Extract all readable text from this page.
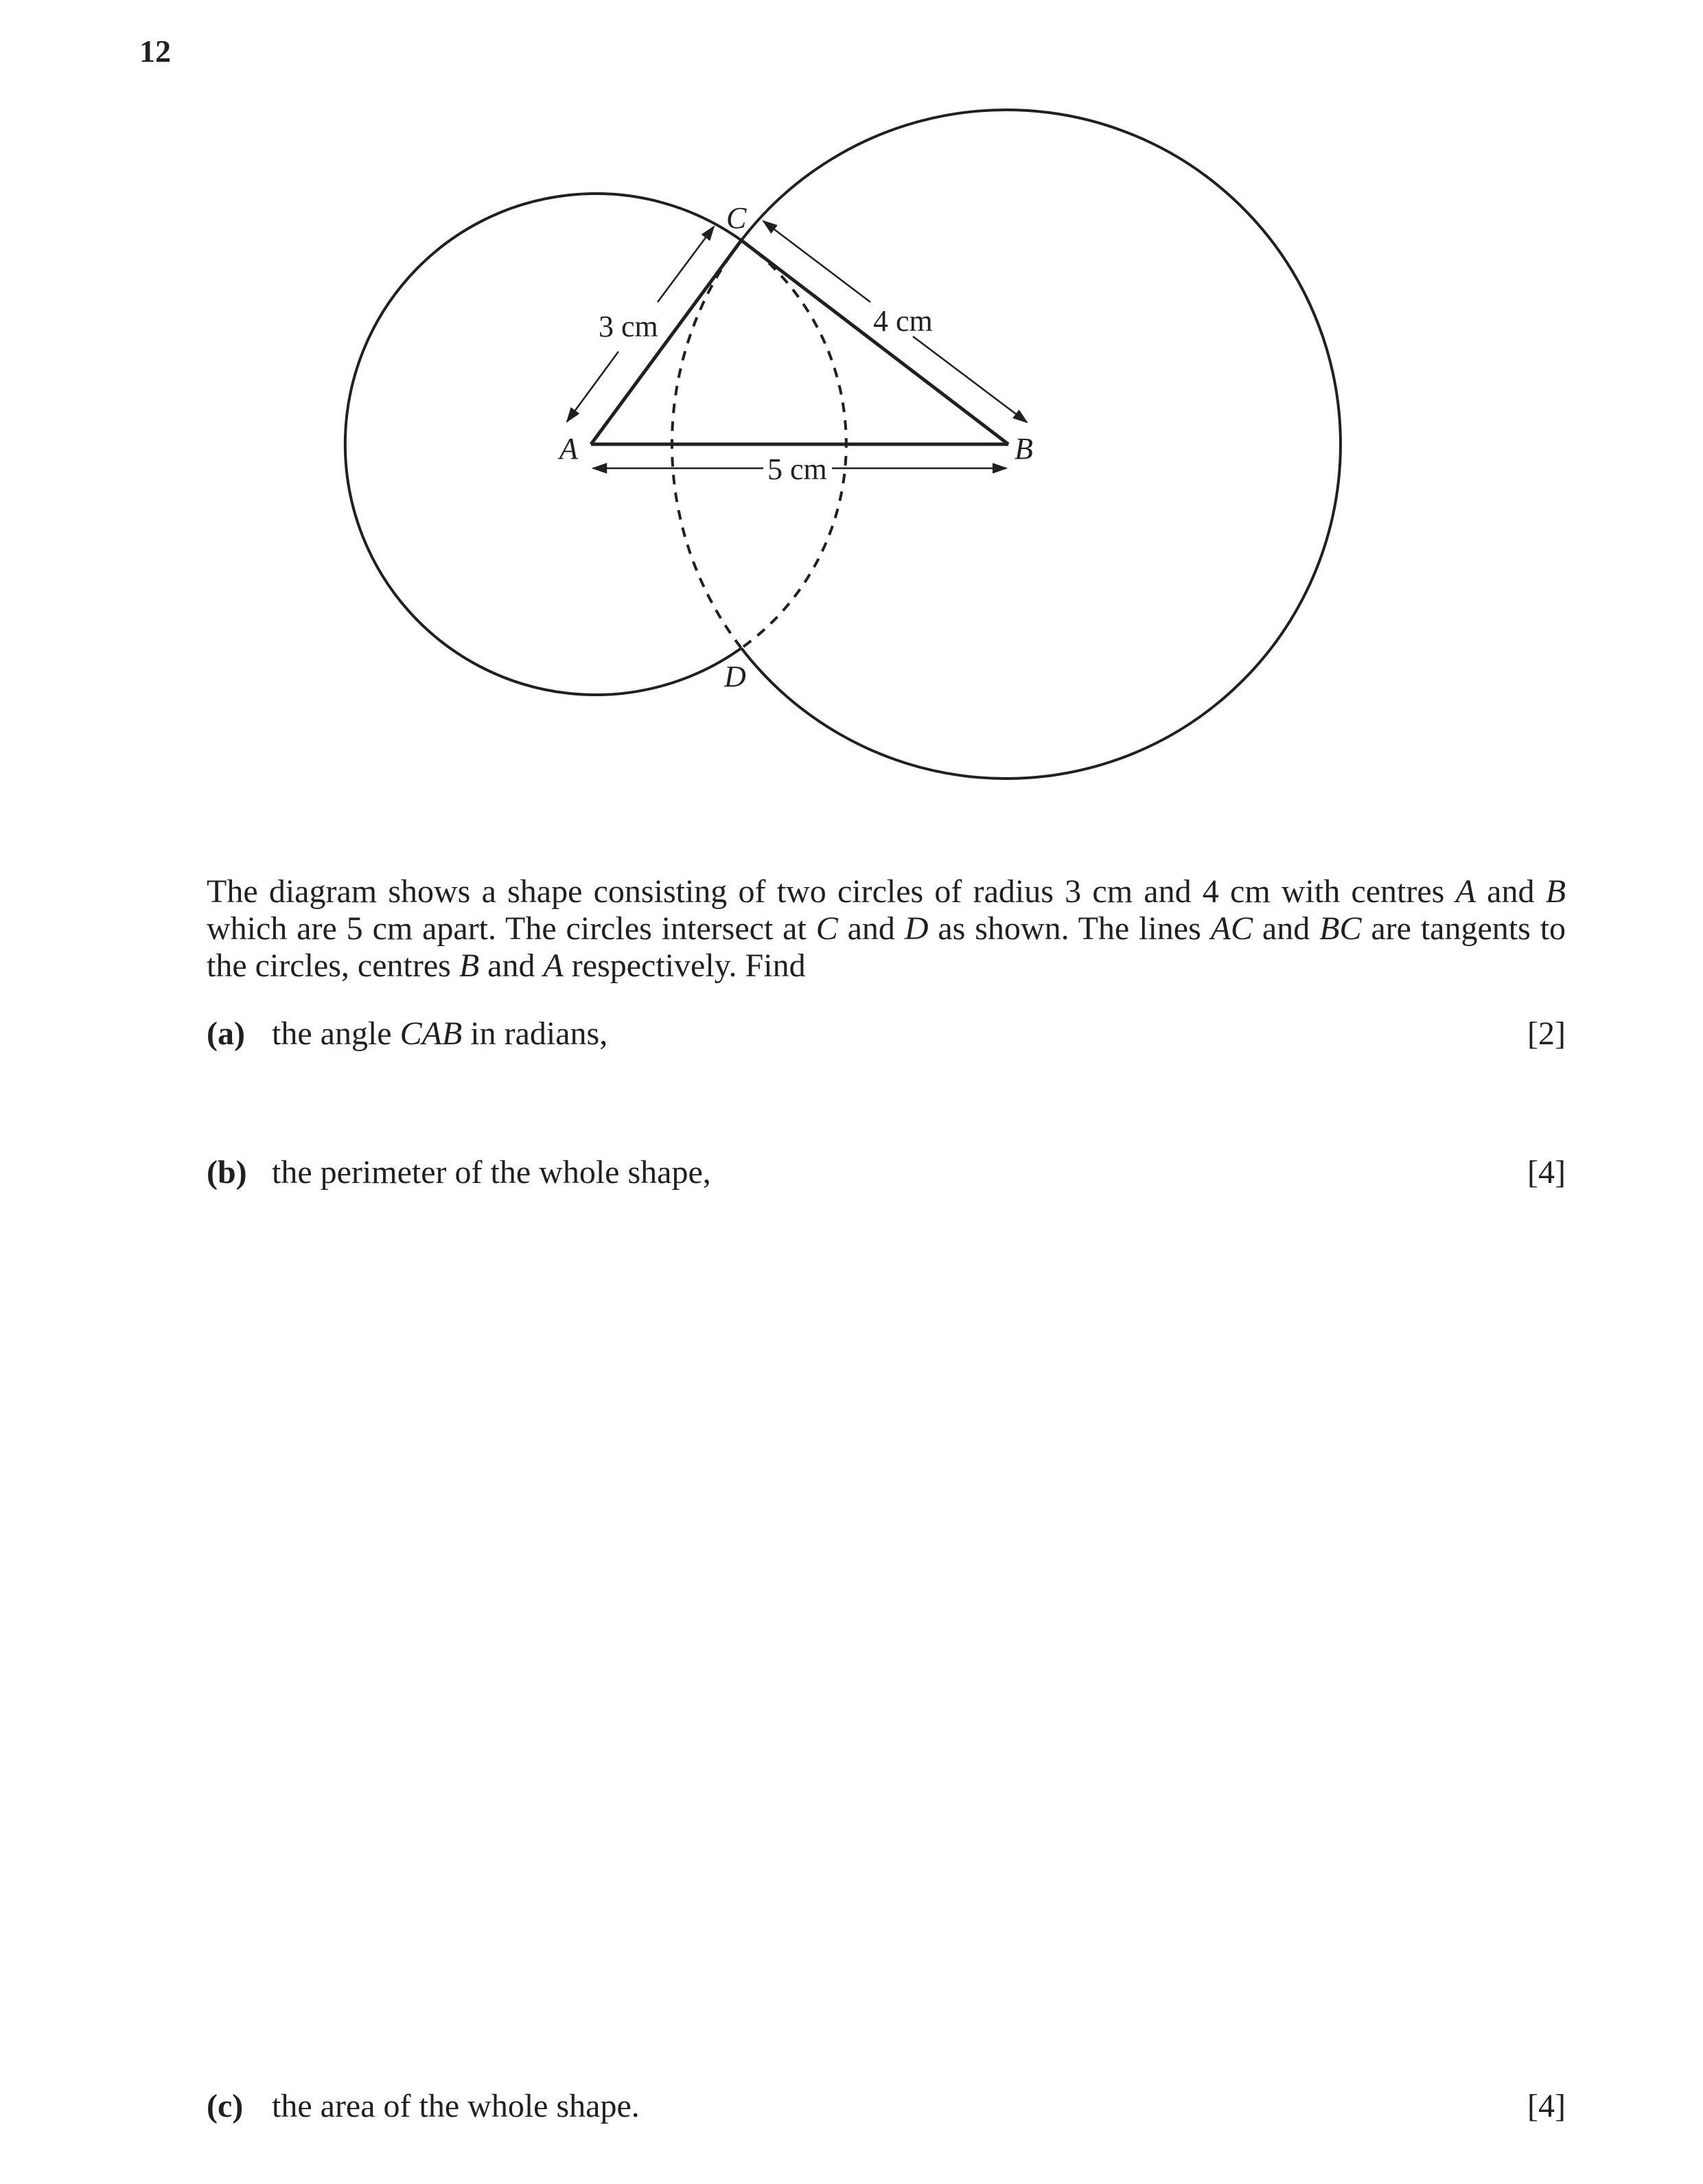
12
A	B
C
D
3 cm	4 cm
5 cm
The diagram shows a shape consisting of two circles of radius 3 cm and 4 cm with centres A and B which are 5 cm apart. The circles intersect at C and D as shown. The lines AC and BC are tangents to the circles, centres B and A respectively. Find
(a) the angle CAB in radians,	[2]
(b) the perimeter of the whole shape,	[4]
(c) the area of the whole shape.	[4]
